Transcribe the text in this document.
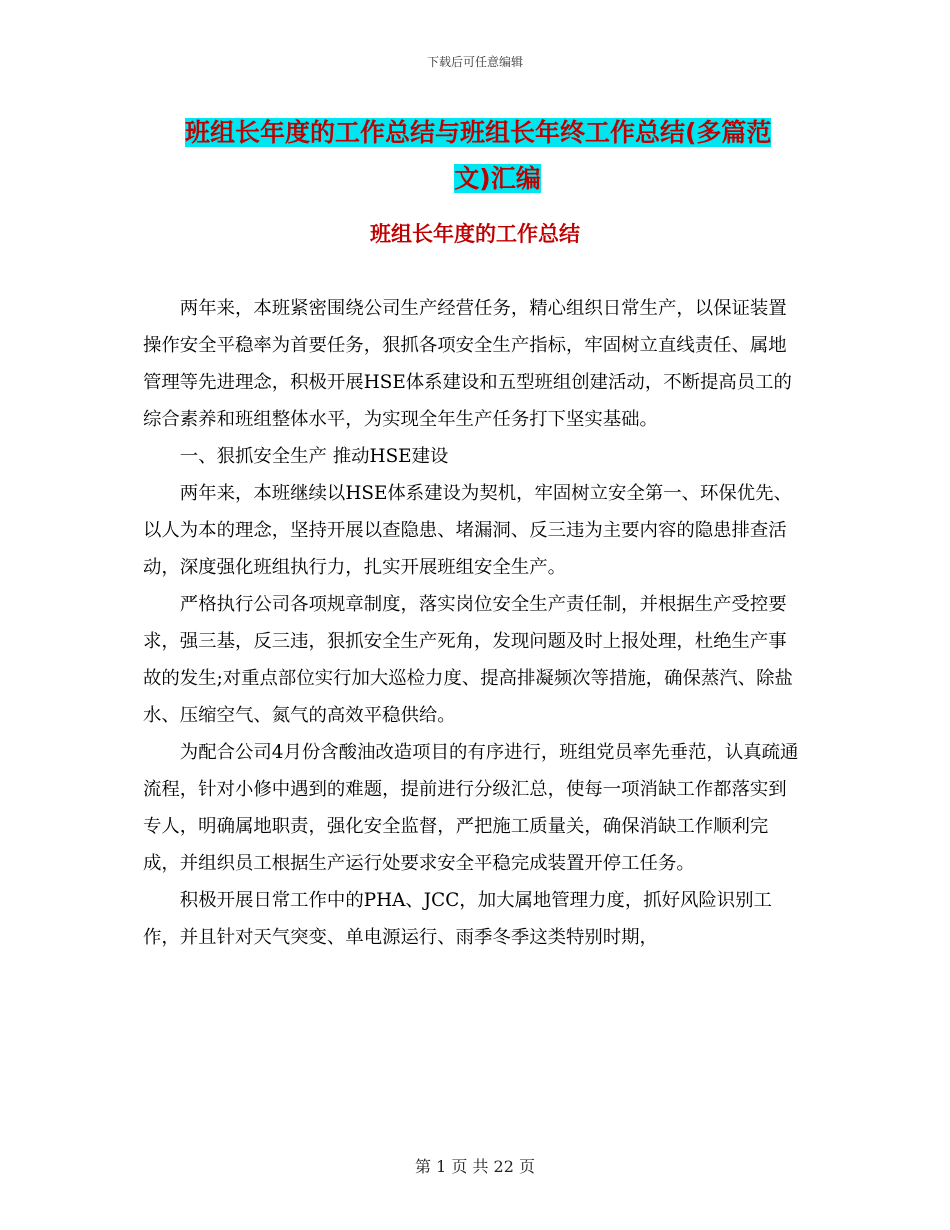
下载后可任意编辑
班组长年度的工作总结与班组长年终工作总结(多篇范
文)汇编
班组长年度的工作总结

两年来，本班紧密围绕公司生产经营任务，精心组织日常生产，以保证装置操作安全平稳率为首要任务，狠抓各项安全生产指标，牢固树立直线责任、属地管理等先进理念，积极开展HSE体系建设和五型班组创建活动，不断提高员工的综合素养和班组整体水平，为实现全年生产任务打下坚实基础。

一、狠抓安全生产 推动HSE建设

两年来，本班继续以HSE体系建设为契机，牢固树立安全第一、环保优先、以人为本的理念，坚持开展以查隐患、堵漏洞、反三违为主要内容的隐患排查活动，深度强化班组执行力，扎实开展班组安全生产。

严格执行公司各项规章制度，落实岗位安全生产责任制，并根据生产受控要求，强三基，反三违，狠抓安全生产死角，发现问题及时上报处理，杜绝生产事故的发生;对重点部位实行加大巡检力度、提高排凝频次等措施，确保蒸汽、除盐水、压缩空气、氮气的高效平稳供给。

为配合公司4月份含酸油改造项目的有序进行，班组党员率先垂范，认真疏通流程，针对小修中遇到的难题，提前进行分级汇总，使每一项消缺工作都落实到专人，明确属地职责，强化安全监督，严把施工质量关，确保消缺工作顺利完成，并组织员工根据生产运行处要求安全平稳完成装置开停工任务。

积极开展日常工作中的PHA、JCC，加大属地管理力度，抓好风险识别工作，并且针对天气突变、单电源运行、雨季冬季这类特别时期，

第 1 页 共 22 页
